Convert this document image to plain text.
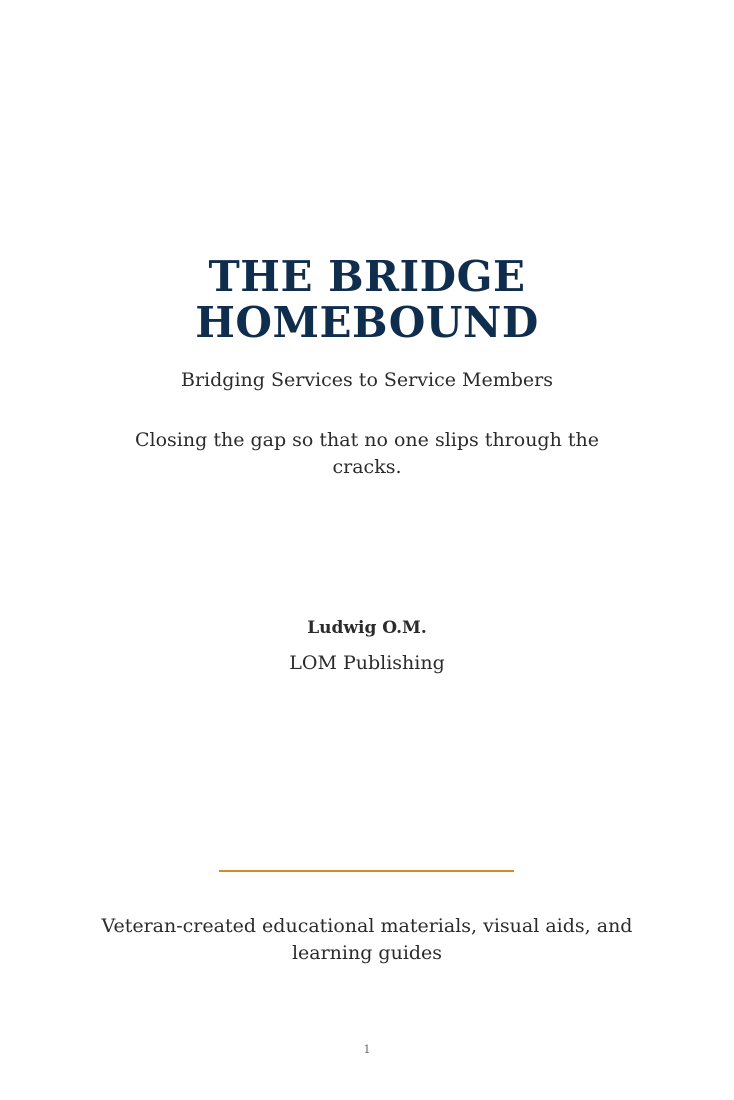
THE BRIDGE
HOMEBOUND
Bridging Services to Service Members
Closing the gap so that no one slips through the cracks.
Ludwig O.M.
LOM Publishing
Veteran-created educational materials, visual aids, and learning guides
1
